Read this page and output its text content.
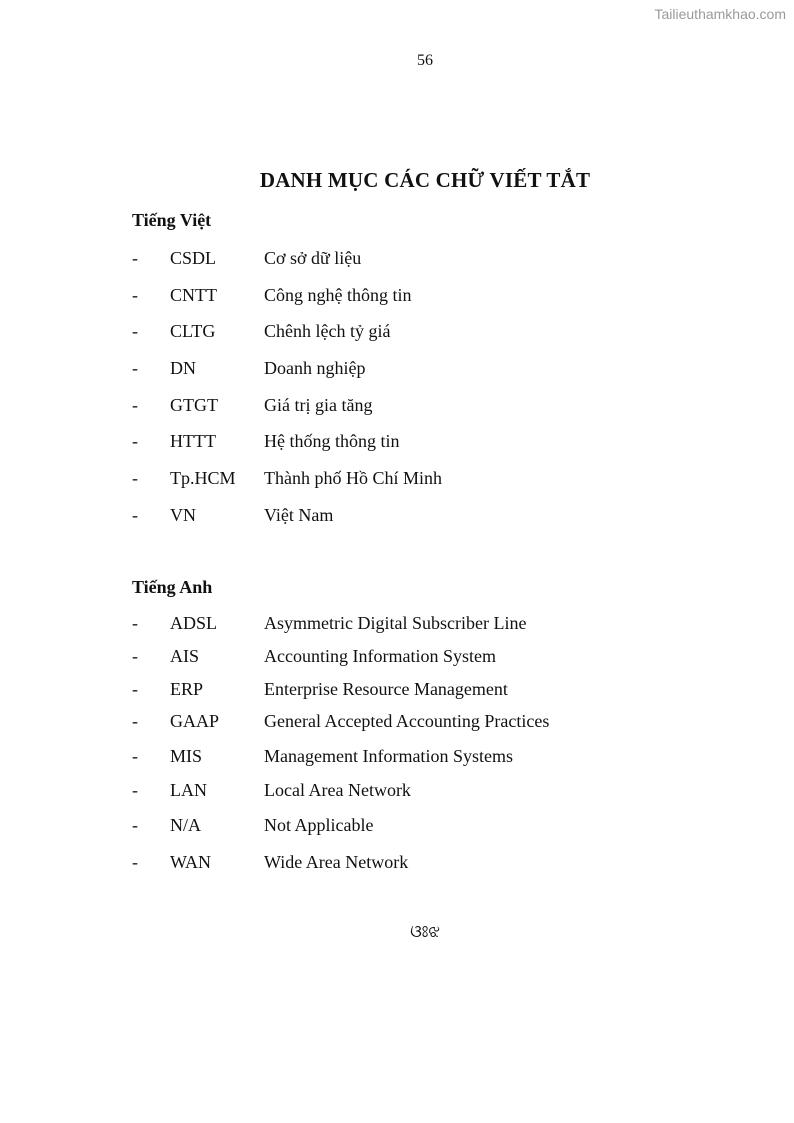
Tailieuthamkhao.com
56
DANH MỤC CÁC CHỮ VIẾT TẮT
Tiếng Việt
-	CSDL	Cơ sở dữ liệu
-	CNTT	Công nghệ thông tin
-	CLTG	Chênh lệch tỷ giá
-	DN	Doanh nghiệp
-	GTGT	Giá trị gia tăng
-	HTTT	Hệ thống thông tin
-	Tp.HCM	Thành phố Hồ Chí Minh
-	VN	Việt Nam
Tiếng Anh
-	ADSL	Asymmetric Digital Subscriber Line
-	AIS	Accounting Information System
-	ERP	Enterprise Resource Management
-	GAAP	General Accepted Accounting Practices
-	MIS	Management Information Systems
-	LAN	Local Area Network
-	N/A	Not Applicable
-	WAN	Wide Area Network
ଓଃଝ
